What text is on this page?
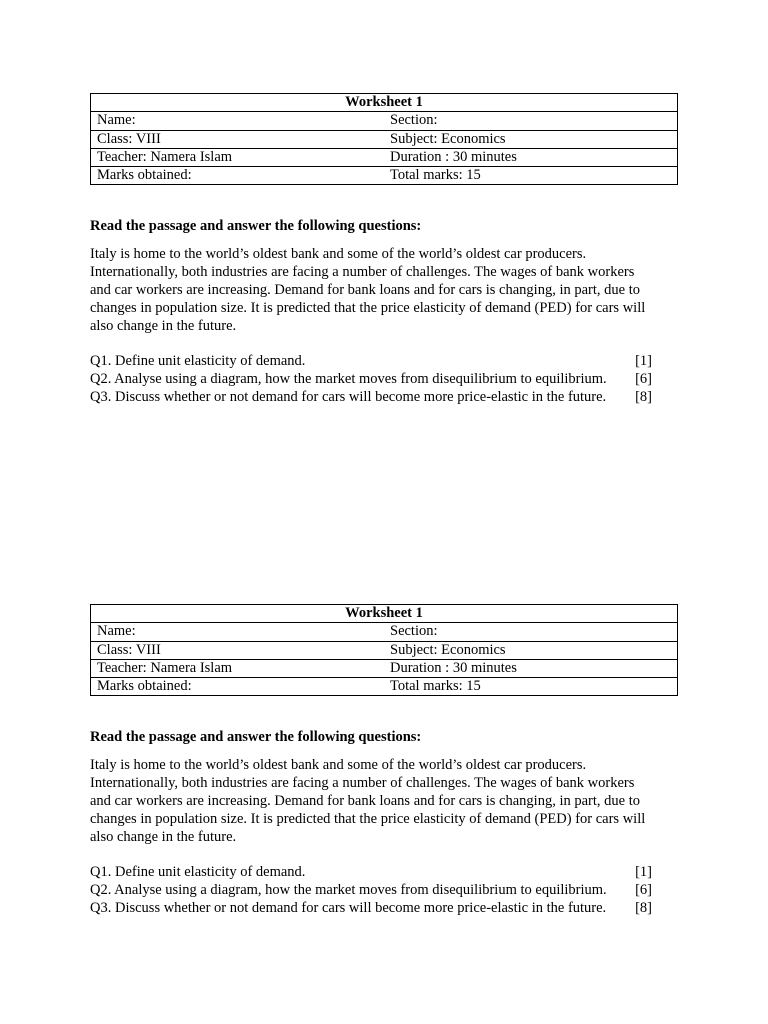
Worksheet 1	
Name:	Section:
Class: VIII	Subject: Economics
Teacher: Namera Islam	Duration : 30 minutes
Marks obtained:	Total marks: 15
Read the passage and answer the following questions:
Italy is home to the world’s oldest bank and some of the world’s oldest car producers.
Internationally, both industries are facing a number of challenges. The wages of bank workers
and car workers are increasing. Demand for bank loans and for cars is changing, in part, due to
changes in population size. It is predicted that the price elasticity of demand (PED) for cars will
also change in the future.
Q1. Define unit elasticity of demand.	[1]
Q2. Analyse using a diagram, how the market moves from disequilibrium to equilibrium. [6]
Q3. Discuss whether or not demand for cars will become more price-elastic in the future. [8]
Worksheet 1	
Name:	Section:
Class: VIII	Subject: Economics
Teacher: Namera Islam	Duration : 30 minutes
Marks obtained:	Total marks: 15
Read the passage and answer the following questions:
Italy is home to the world’s oldest bank and some of the world’s oldest car producers.
Internationally, both industries are facing a number of challenges. The wages of bank workers
and car workers are increasing. Demand for bank loans and for cars is changing, in part, due to
changes in population size. It is predicted that the price elasticity of demand (PED) for cars will
also change in the future.
Q1. Define unit elasticity of demand.	[1]
Q2. Analyse using a diagram, how the market moves from disequilibrium to equilibrium. [6]
Q3. Discuss whether or not demand for cars will become more price-elastic in the future. [8]
